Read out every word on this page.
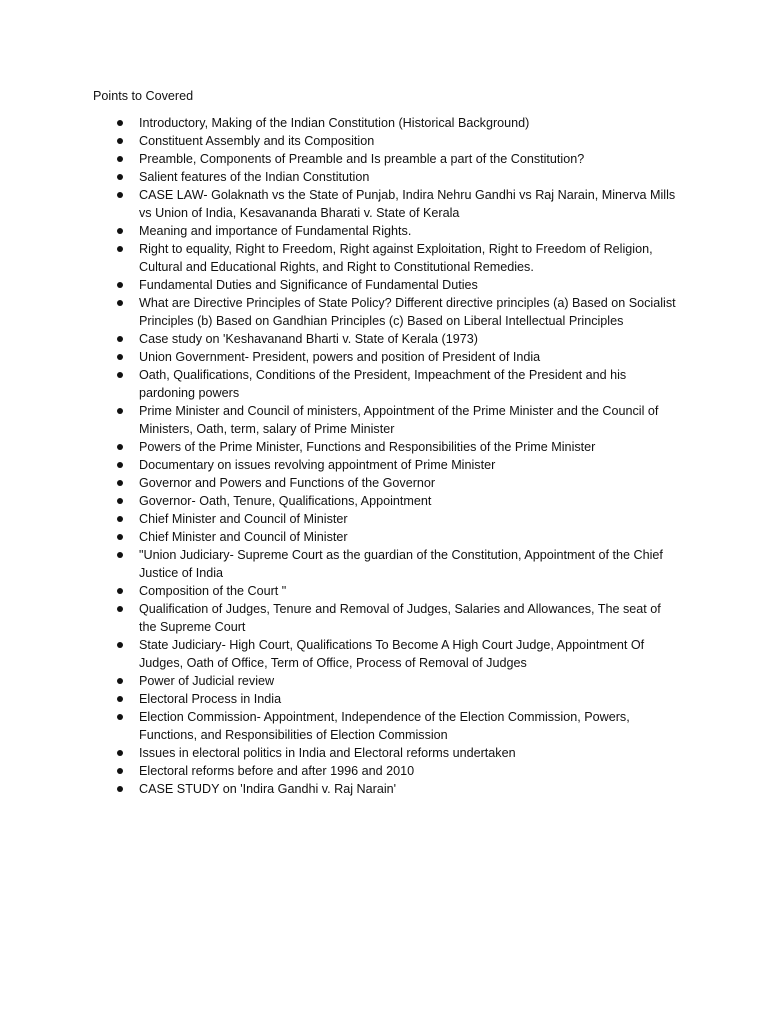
Points to Covered

Introductory, Making of the Indian Constitution (Historical Background)
Constituent Assembly and its Composition
Preamble, Components of Preamble and Is preamble a part of the Constitution?
Salient features of the Indian Constitution
CASE LAW- Golaknath vs the State of Punjab, Indira Nehru Gandhi vs Raj Narain, Minerva Mills vs Union of India, Kesavananda Bharati v. State of Kerala
Meaning and importance of Fundamental Rights.
Right to equality, Right to Freedom, Right against Exploitation, Right to Freedom of Religion, Cultural and Educational Rights, and Right to Constitutional Remedies.
Fundamental Duties and Significance of Fundamental Duties
What are Directive Principles of State Policy? Different directive principles (a) Based on Socialist Principles (b) Based on Gandhian Principles (c) Based on Liberal Intellectual Principles
Case study on 'Keshavanand Bharti v. State of Kerala (1973)
Union Government- President, powers and position of President of India
Oath, Qualifications, Conditions of the President, Impeachment of the President and his pardoning powers
Prime Minister and Council of ministers, Appointment of the Prime Minister and the Council of Ministers, Oath, term, salary of Prime Minister
Powers of the Prime Minister, Functions and Responsibilities of the Prime Minister
Documentary on issues revolving appointment of Prime Minister
Governor and Powers and Functions of the Governor
Governor- Oath, Tenure, Qualifications, Appointment
Chief Minister and Council of Minister
Chief Minister and Council of Minister
"Union Judiciary- Supreme Court as the guardian of the Constitution, Appointment of the Chief Justice of India
Composition of the Court "
Qualification of Judges, Tenure and Removal of Judges, Salaries and Allowances, The seat of the Supreme Court
State Judiciary- High Court, Qualifications To Become A High Court Judge, Appointment Of Judges, Oath of Office, Term of Office, Process of Removal of Judges
Power of Judicial review
Electoral Process in India
Election Commission- Appointment, Independence of the Election Commission, Powers, Functions, and Responsibilities of Election Commission
Issues in electoral politics in India and Electoral reforms undertaken
Electoral reforms before and after 1996 and 2010
CASE STUDY on 'Indira Gandhi v. Raj Narain'
